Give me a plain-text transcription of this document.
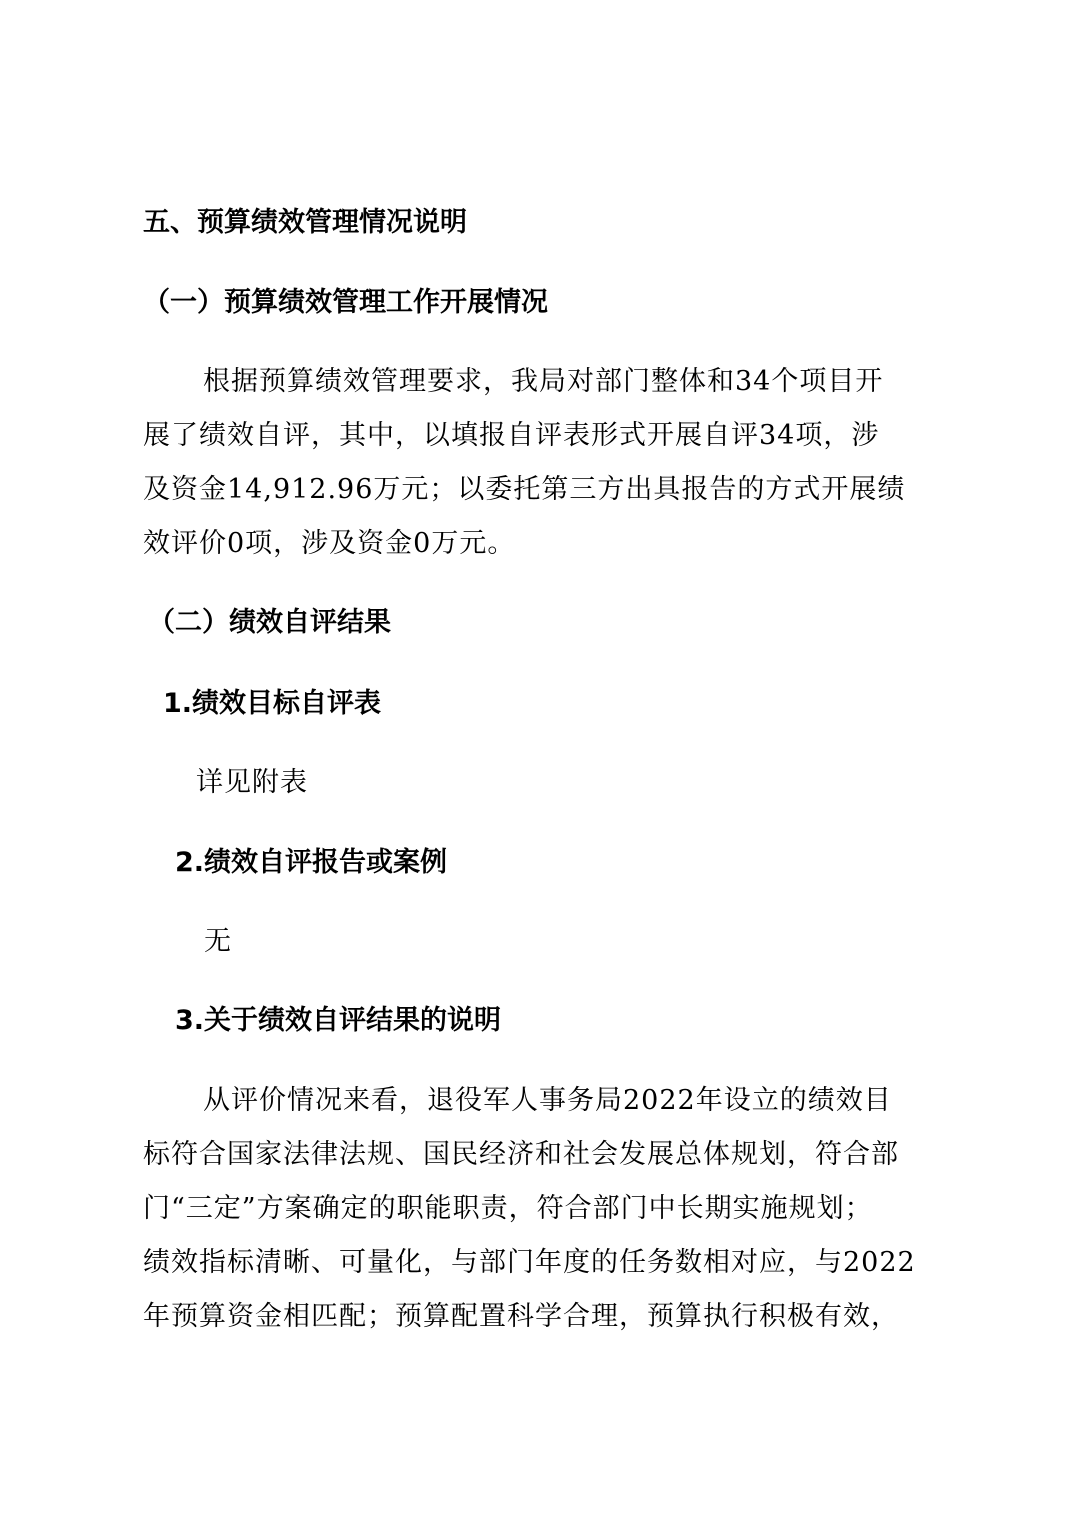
五、预算绩效管理情况说明
（一）预算绩效管理工作开展情况
根据预算绩效管理要求，我局对部门整体和34个项目开
展了绩效自评，其中，以填报自评表形式开展自评34项，涉
及资金14,912.96万元；以委托第三方出具报告的方式开展绩
效评价0项，涉及资金0万元。
（二）绩效自评结果
1.绩效目标自评表
详见附表
2.绩效自评报告或案例
无
3.关于绩效自评结果的说明
从评价情况来看，退役军人事务局2022年设立的绩效目
标符合国家法律法规、国民经济和社会发展总体规划，符合部
门“三定”方案确定的职能职责，符合部门中长期实施规划；
绩效指标清晰、可量化，与部门年度的任务数相对应，与2022
年预算资金相匹配；预算配置科学合理，预算执行积极有效，
